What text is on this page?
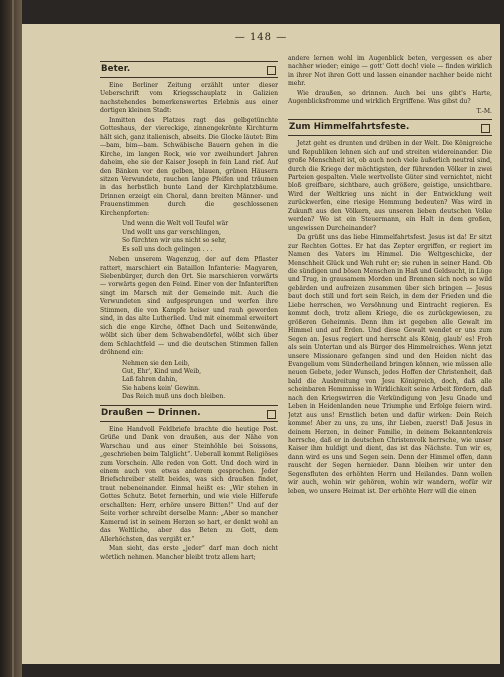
— 148 —
Beter.

Eine Berliner Zeitung erzählt unter dieser Ueberschrift vom Kriegsschauplatz in Galizien nachstehendes bemerkenswertes Erlebnis aus einer dortigen kleinen Stadt:

Inmitten des Platzes ragt das gelbgetünchte Gotteshaus, der viereckige, zinnengekrönte Kirchturm hält sich, ganz italienisch, abseits. Die Glocke läutet: Bim—bam, bim—bam. Schwäbische Bauern gehen in die Kirche, im langen Rock, wie vor zweihundert Jahren daheim, ehe sie der Kaiser Joseph in fein Land rief. Auf den Bänken vor den gelben, blauen, grünen Häusern sitzen Verwundete, rauchen lange Pfeifen und träumen in das herbstlich bunte Land der Kirchplatzbäume. Drinnen erzeigt ein Choral, dann breiten Männer- und Frauenstimmen durch die geschlossenen Kirchenpforten:

Und wenn die Welt voll Teufel wär
Und wollt uns gar verschlingen,
So fürchten wir uns nicht so sehr,
Es soll uns doch gelingen . . .

Neben unserem Wagenzug, der auf dem Pflaster rattert, marschiert ein Bataillon Infanterie: Magyaren, Siebenbürger, durch den Ort. Sie marschieren vorwärts — vorwärts gegen den Feind. Einer von der Infanteriften singt im Marsch mit der Gemeinde mit. Auch die Verwundeten sind aufgesprungen und werfen ihre Stimmen, die von Kampfe heiser und rauh geworden sind, in das alte Lutherlied. Und mit einemmal erweitert sich die enge Kirche, öffnet Dach und Seitenwände, wölbt sich über dem Schwabendörfel, wölbt sich über dem Schlachtfeld — und die deutschen Stimmen fallen dröhnend ein:

Nehmen sie den Leib,
Gut, Ehr', Kind und Weib,
Laß fahren dahin,
Sie habens kein' Gewinn.
Das Reich muß uns doch bleiben.
Draußen — Drinnen.

Eine Handvoll Feldbriefe brachte die heutige Post. Grüße und Dank von draußen, aus der Nähe von Warschau und aus einer Steinhöhle bei Soissons, „geschrieben beim Talglicht“. Ueberall kommt Religiöses zum Vorschein. Alle reden von Gott. Und doch wird in einem auch von etwas anderem gesprochen. Jeder Briefschreiber stellt beides, was sich draußen findet, traut nebeneinander. Einmal heißt es: „Wir stehen in Gottes Schutz. Betet fernerhin, und wie viele Hilferufe erschallten: Herr, erhöre unsere Bitten!“ Und auf der Seite vorher schreibt derselbe Mann: „Aber so mancher Kamerad ist in seinem Herzen so hart, er denkt wohl an das Weltliche, aber das Beten zu Gott, dem Allerhöchsten, das vergißt er.“

Man sieht, das erste „jeder“ darf man doch nicht wörtlich nehmen. Mancher bleibt trotz allem hart;

andere lernen wohl im Augenblick beten, vergessen es aber nachher wieder; einige — gott' Gott doch! viele — finden wirklich in ihrer Not ihren Gott und lassen einander nachher beide nicht mehr.

Wie draußen, so drinnen. Auch bei uns gibt's Harte, Augenblicksfromme und wirklich Ergriffene. Was gibst du?

T.-M.

Zum Himmelfahrtsfeste.

Jetzt geht es drunten und drüben in der Welt. Die Königreiche und Republiken lehnen sich auf und streiten widereinander. Die große Menschheit ist, ob auch noch viele äußerlich neutral sind, durch die Kriege der mächtigsten, der führenden Völker in zwei Parteien gespalten. Viele wertvollste Güter sind vernichtet, nicht bloß greifbare, sichtbare, auch größere, geistige, unsichtbare. Wird der Weltkrieg uns nicht in der Entwicklung weit zurückwerfen, eine riesige Hemmung bedeuten? Was wird in Zukunft aus den Völkern, aus unseren lieben deutschen Volke werden? Wo ist ein Steuermann, ein Halt in dem großen, ungewissen Durcheinander?

Da grüßt uns das liebe Himmelfahrtsfest. Jesus ist da! Er sitzt zur Rechten Gottes. Er hat das Zepter ergriffen, er regiert im Namen des Vaters im Himmel. Die Weltgeschicke, der Menschheit Glück und Weh ruht er; sie ruhen in seiner Hand. Ob die sündigen und bösen Menschen in Haß und Geldsucht, in Lüge und Trug, in grausamem Morden und Brennen sich noch so wild gebärden und aufreizen zusammen über sich bringen — Jesus baut doch still und fort sein Reich, in dem der Frieden und die Liebe herrschen, wo Versöhnung und Eintracht regieren. Es kommt doch, trotz allem Kriege, die es zurückgewiesen, zu größeren Geheimnis. Denn ihm ist gegeben alle Gewalt im Himmel und auf Erden. Und diese Gewalt wendet er uns zum Segen an. Jesus regiert und herrscht als König, glaub' es! Froh als sein Untertan und als Bürger des Himmelreiches. Wenn jetzt unsere Missionare gefangen sind und den Heiden nicht das Evangelium vom Sünderheiland bringen können, wie müssen alle neuen Gebete, jeder Wunsch, jedes Hoffen der Christenheit, daß bald die Ausbreitung von Jesu Königreich, doch, daß alle scheinbaren Hemmnisse in Wirklichkeit seine Arbeit fördern, daß nach den Kriegswirren die Verkündigung von Jesu Gnade und Leben in Heidenlanden neue Triumphe und Erfolge feiern wird. Jetzt aus uns! Ernstlich beten und dafür wirken: Dein Reich komme! Aber zu uns, zu uns, ihr Lieben, zuerst! Daß Jesus in deinem Herzen, in deiner Familie, in deinem Bekanntenkreis herrsche, daß er in deutschen Christenvolk herrsche, wie unser Kaiser ihm huldigt und dient, das ist das Nächste. Tun wir es, dann wird es uns und Segen sein. Denn der Himmel offen, dann rauscht der Segen hernieder. Dann bleiben wir unter den Segensfluten des erhöhten Herrn und Heilandes. Dann wollen wir auch, wohin wir gehören, wohin wir wandern, wofür wir leben, wo unsere Heimat ist. Der erhöhte Herr will die einen
